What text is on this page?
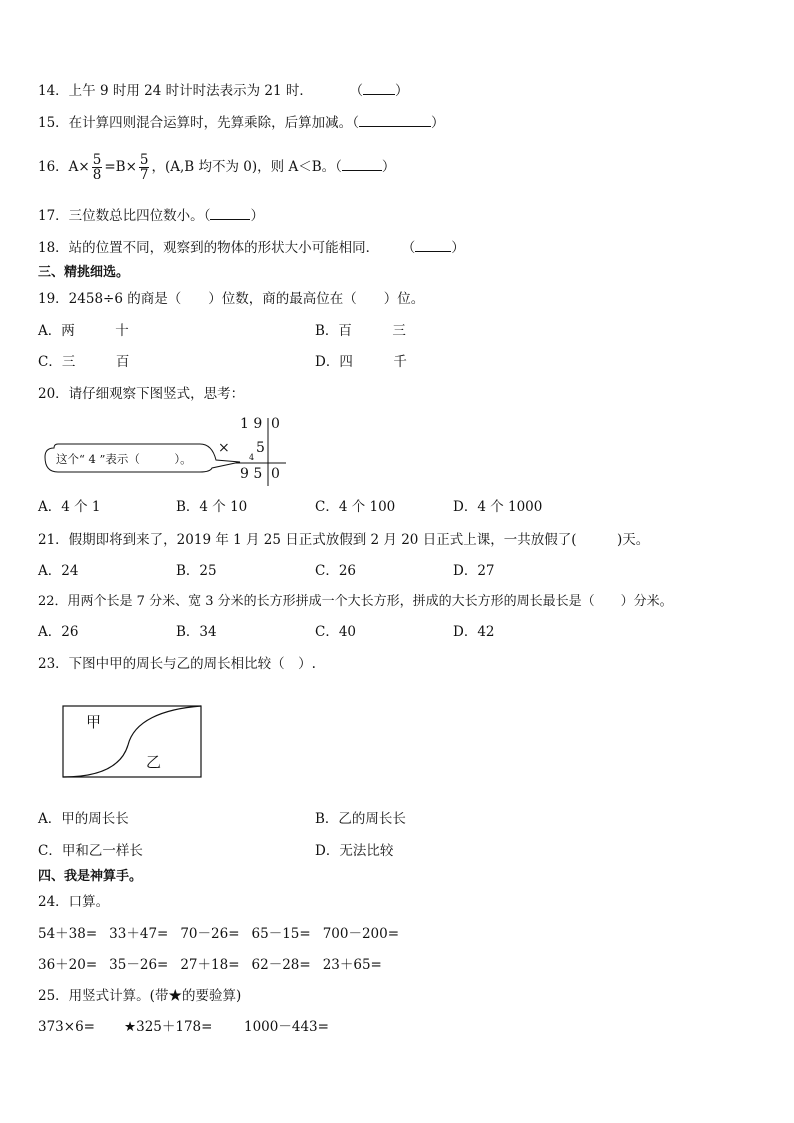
14．上午 9 时用 24 时计时法表示为 21 时．	（ ）
15．在计算四则混合运算时，先算乘除，后算加减。（	）
16．$A\times \frac{5}{8} =B\times \frac{5}{7}$ ，(A,B 均不为 0)，则 A＜B。（	）
17．三位数总比四位数小。（	）
18．站的位置不同，观察到的物体的形状大小可能相同． （	）
三、精挑细选。
19．2458÷6 的商是（　　）位数，商的最高位在（　　）位。
A．两　　　十	B．百　　　三
C．三　　　百	D．四　　　千
20．请仔细观察下图竖式，思考：
1 9 0
× 5
4
9 5 0
这个“ 4 ”表示（　　　）。
A．4 个 1	B．4 个 10	C．4 个 100	D．4 个 1000
21．假期即将到来了，2019 年 1 月 25 日正式放假到 2 月 20 日正式上课，一共放假了(　　　)天。
A．24	B．25	C．26	D．27
22．用两个长是 7 分米、宽 3 分米的长方形拼成一个大长方形，拼成的大长方形的周长最长是（　　）分米。
A．26	B．34	C．40	D．42
23．下图中甲的周长与乙的周长相比较（　）.
甲
乙
A．甲的周长长	B．乙的周长长
C．甲和乙一样长	D．无法比较
四、我是神算手。
24．口算。
54＋38= 33＋47= 70－26= 65－15= 700－200=
36＋20= 35－26= 27＋18= 62－28= 23＋65=
25．用竖式计算。(带★的要验算)
373×6= ★325＋178= 1000－443=
